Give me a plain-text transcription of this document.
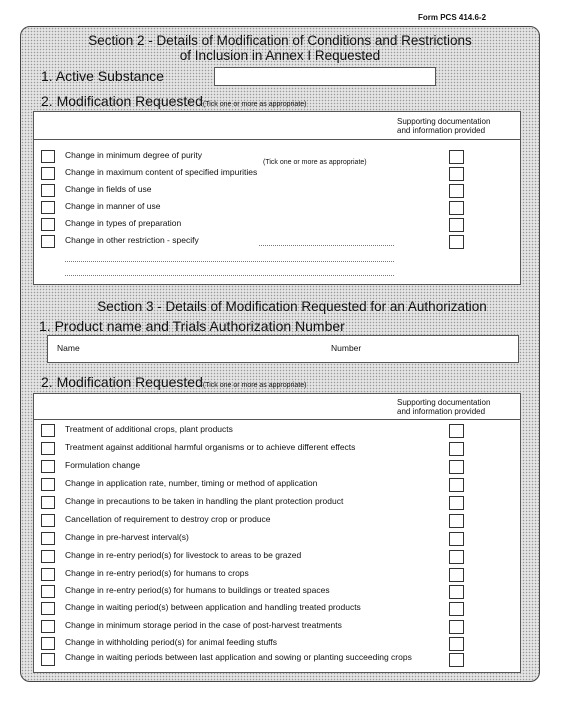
Form PCS 414.6-2
Section 2 - Details of Modification of Conditions and Restrictions
of Inclusion in Annex I Requested
1. Active Substance
2. Modification Requested(Tick one or more as appropriate)
Supporting documentation
and information provided
(Tick one or more as appropriate)
Change in minimum degree of purity
Change in maximum content of specified impurities
Change in fields of use
Change in manner of use
Change in types of preparation
Change in other restriction - specify
Section 3 - Details of Modification Requested for an Authorization
1. Product name and Trials Authorization Number
Name	Number
2. Modification Requested(Tick one or more as appropriate)
Supporting documentation
and information provided
Treatment of additional crops, plant products
Treatment against additional harmful organisms or to achieve different effects
Formulation change
Change in application rate, number, timing or method of application
Change in precautions to be taken in handling the plant protection product
Cancellation of requirement to destroy crop or produce
Change in pre-harvest interval(s)
Change in re-entry period(s) for livestock to areas to be grazed
Change in re-entry period(s) for humans to crops
Change in re-entry period(s) for humans to buildings or treated spaces
Change in waiting period(s) between application and handling treated products
Change in minimum storage period in the case of post-harvest treatments
Change in withholding period(s) for animal feeding stuffs
Change in waiting periods between last application and sowing or planting succeeding crops
